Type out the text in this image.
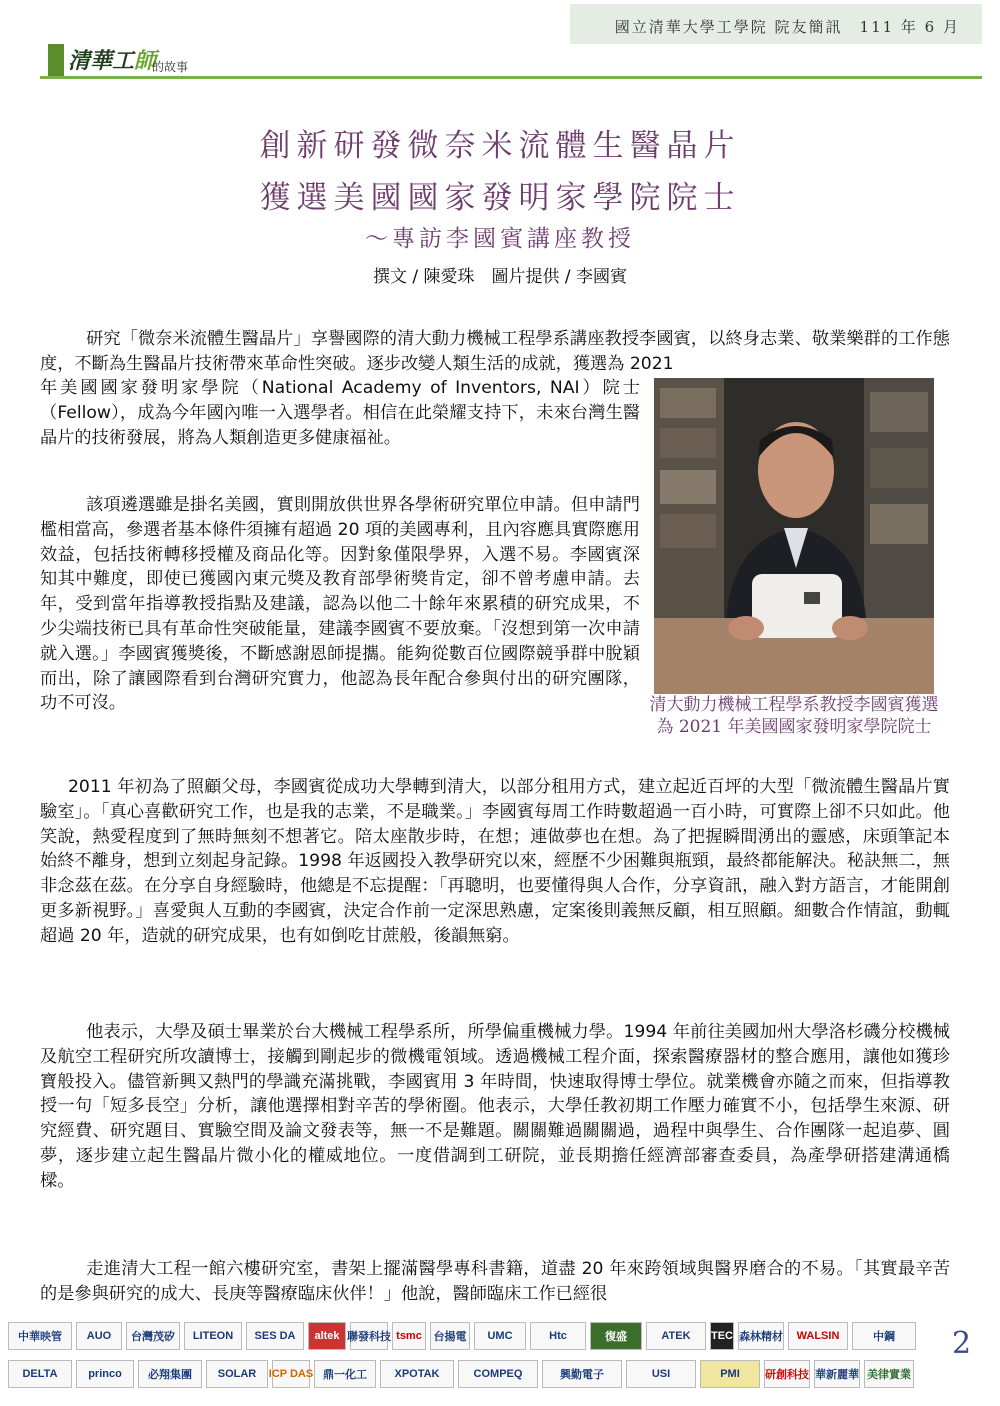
國立清華大學工學院 院友簡訊　111 年 6 月
清華工師
的故事
創新研發微奈米流體生醫晶片
獲選美國國家發明家學院院士
～專訪李國賓講座教授
撰文 / 陳愛珠　圖片提供 / 李國賓
研究「微奈米流體生醫晶片」享譽國際的清大動力機械工程學系講座教授李國賓，以終身志業、敬業樂群的工作態度，不斷為生醫晶片技術帶來革命性突破。逐步改變人類生活的成就，獲選為 2021
年美國國家發明家學院（National Academy of Inventors, NAI）院士（Fellow），成為今年國內唯一入選學者。相信在此榮耀支持下，未來台灣生醫晶片的技術發展，將為人類創造更多健康福祉。
該項遴選雖是掛名美國，實則開放供世界各學術研究單位申請。但申請門檻相當高，參選者基本條件須擁有超過 20 項的美國專利，且內容應具實際應用效益，包括技術轉移授權及商品化等。因對象僅限學界，入選不易。李國賓深知其中難度，即使已獲國內東元獎及教育部學術獎肯定，卻不曾考慮申請。去年，受到當年指導教授指點及建議，認為以他二十餘年來累積的研究成果，不少尖端技術已具有革命性突破能量，建議李國賓不要放棄。「沒想到第一次申請就入選。」李國賓獲獎後，不斷感謝恩師提攜。能夠從數百位國際競爭群中脫穎而出，除了讓國際看到台灣研究實力，他認為長年配合參與付出的研究團隊，功不可沒。	清大動力機械工程學系教授李國賓獲選為 2021 年美國國家發明家學院院士
2011 年初為了照顧父母，李國賓從成功大學轉到清大，以部分租用方式，建立起近百坪的大型「微流體生醫晶片實驗室」。「真心喜歡研究工作，也是我的志業，不是職業。」李國賓每周工作時數超過一百小時，可實際上卻不只如此。他笑說，熱愛程度到了無時無刻不想著它。陪太座散步時，在想；連做夢也在想。為了把握瞬間湧出的靈感，床頭筆記本始終不離身，想到立刻起身記錄。1998 年返國投入教學研究以來，經歷不少困難與瓶頸，最終都能解決。秘訣無二，無非念茲在茲。在分享自身經驗時，他總是不忘提醒：「再聰明，也要懂得與人合作，分享資訊，融入對方語言，才能開創更多新視野。」喜愛與人互動的李國賓，決定合作前一定深思熟慮，定案後則義無反顧，相互照顧。細數合作情誼，動輒超過 20 年，造就的研究成果，也有如倒吃甘蔗般，後韻無窮。
他表示，大學及碩士畢業於台大機械工程學系所，所學偏重機械力學。1994 年前往美國加州大學洛杉磯分校機械及航空工程研究所攻讀博士，接觸到剛起步的微機電領域。透過機械工程介面，探索醫療器材的整合應用，讓他如獲珍寶般投入。儘管新興又熱門的學識充滿挑戰，李國賓用 3 年時間，快速取得博士學位。就業機會亦隨之而來，但指導教授一句「短多長空」分析，讓他選擇相對辛苦的學術圈。他表示，大學任教初期工作壓力確實不小，包括學生來源、研究經費、研究題目、實驗空間及論文發表等，無一不是難題。關關難過關關過，過程中與學生、合作團隊一起追夢、圓夢，逐步建立起生醫晶片微小化的權威地位。一度借調到工研院，並長期擔任經濟部審查委員，為產學研搭建溝通橋樑。
走進清大工程一館六樓研究室，書架上擺滿醫學專科書籍，道盡 20 年來跨領域與醫界磨合的不易。「其實最辛苦的是參與研究的成大、長庚等醫療臨床伙伴！」他說，醫師臨床工作已經很
中華映管	AUO	台灣茂矽	LITEON	SES DA	altek 聯發科技 tsmc	台揚電	UMC	Htc	復盛	ATEK	TEC 森林精材	WALSIN	中鋼
DELTA	princo	必翔集團	SOLAR	ICP DAS 鼎一化工	XPOTAK	COMPEQ	興勤電子	USI	PMI	研創科技 華新麗華 美律實業
2
